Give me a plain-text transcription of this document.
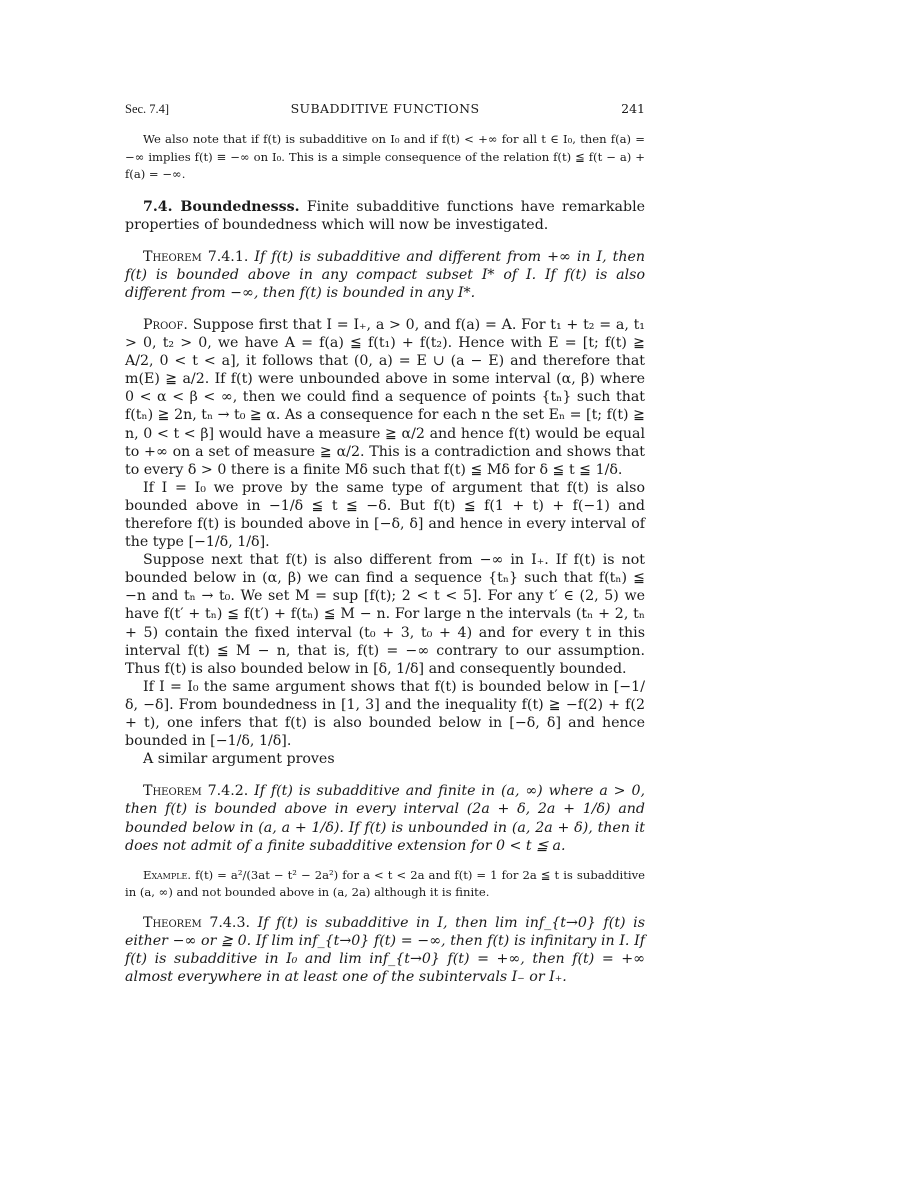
Sec. 7.4]	SUBADDITIVE FUNCTIONS	241

We also note that if f(t) is subadditive on I₀ and if f(t) < +∞ for all t ∈ I₀, then f(a) = −∞ implies f(t) ≡ −∞ on I₀. This is a simple consequence of the relation f(t) ≦ f(t − a) + f(a) = −∞.

7.4. Boundednesss. Finite subadditive functions have remarkable properties of boundedness which will now be investigated.

Theorem 7.4.1. If f(t) is subadditive and different from +∞ in I, then f(t) is bounded above in any compact subset I* of I. If f(t) is also different from −∞, then f(t) is bounded in any I*.

Proof. Suppose first that I = I₊, a > 0, and f(a) = A. For t₁ + t₂ = a, t₁ > 0, t₂ > 0, we have A = f(a) ≦ f(t₁) + f(t₂). Hence with E = [t; f(t) ≧ A/2, 0 < t < a], it follows that (0, a) = E ∪ (a − E) and therefore that m(E) ≧ a/2. If f(t) were unbounded above in some interval (α, β) where 0 < α < β < ∞, then we could find a sequence of points {tₙ} such that f(tₙ) ≧ 2n, tₙ → t₀ ≧ α. As a consequence for each n the set Eₙ = [t; f(t) ≧ n, 0 < t < β] would have a measure ≧ α/2 and hence f(t) would be equal to +∞ on a set of measure ≧ α/2. This is a contradiction and shows that to every δ > 0 there is a finite Mδ such that f(t) ≦ Mδ for δ ≦ t ≦ 1/δ.

If I = I₀ we prove by the same type of argument that f(t) is also bounded above in −1/δ ≦ t ≦ −δ. But f(t) ≦ f(1 + t) + f(−1) and therefore f(t) is bounded above in [−δ, δ] and hence in every interval of the type [−1/δ, 1/δ].

Suppose next that f(t) is also different from −∞ in I₊. If f(t) is not bounded below in (α, β) we can find a sequence {tₙ} such that f(tₙ) ≦ −n and tₙ → t₀. We set M = sup [f(t); 2 < t < 5]. For any t′ ∈ (2, 5) we have f(t′ + tₙ) ≦ f(t′) + f(tₙ) ≦ M − n. For large n the intervals (tₙ + 2, tₙ + 5) contain the fixed interval (t₀ + 3, t₀ + 4) and for every t in this interval f(t) ≦ M − n, that is, f(t) = −∞ contrary to our assumption. Thus f(t) is also bounded below in [δ, 1/δ] and consequently bounded.

If I = I₀ the same argument shows that f(t) is bounded below in [−1/δ, −δ]. From boundedness in [1, 3] and the inequality f(t) ≧ −f(2) + f(2 + t), one infers that f(t) is also bounded below in [−δ, δ] and hence bounded in [−1/δ, 1/δ].

A similar argument proves

Theorem 7.4.2. If f(t) is subadditive and finite in (a, ∞) where a > 0, then f(t) is bounded above in every interval (2a + δ, 2a + 1/δ) and bounded below in (a, a + 1/δ). If f(t) is unbounded in (a, 2a + δ), then it does not admit of a finite subadditive extension for 0 < t ≦ a.

Example. f(t) = a²/(3at − t² − 2a²) for a < t < 2a and f(t) = 1 for 2a ≦ t is subadditive in (a, ∞) and not bounded above in (a, 2a) although it is finite.

Theorem 7.4.3. If f(t) is subadditive in I, then lim inf_{t→0} f(t) is either −∞ or ≧ 0. If lim inf_{t→0} f(t) = −∞, then f(t) is infinitary in I. If f(t) is subadditive in I₀ and lim inf_{t→0} f(t) = +∞, then f(t) = +∞ almost everywhere in at least one of the subintervals I₋ or I₊.
